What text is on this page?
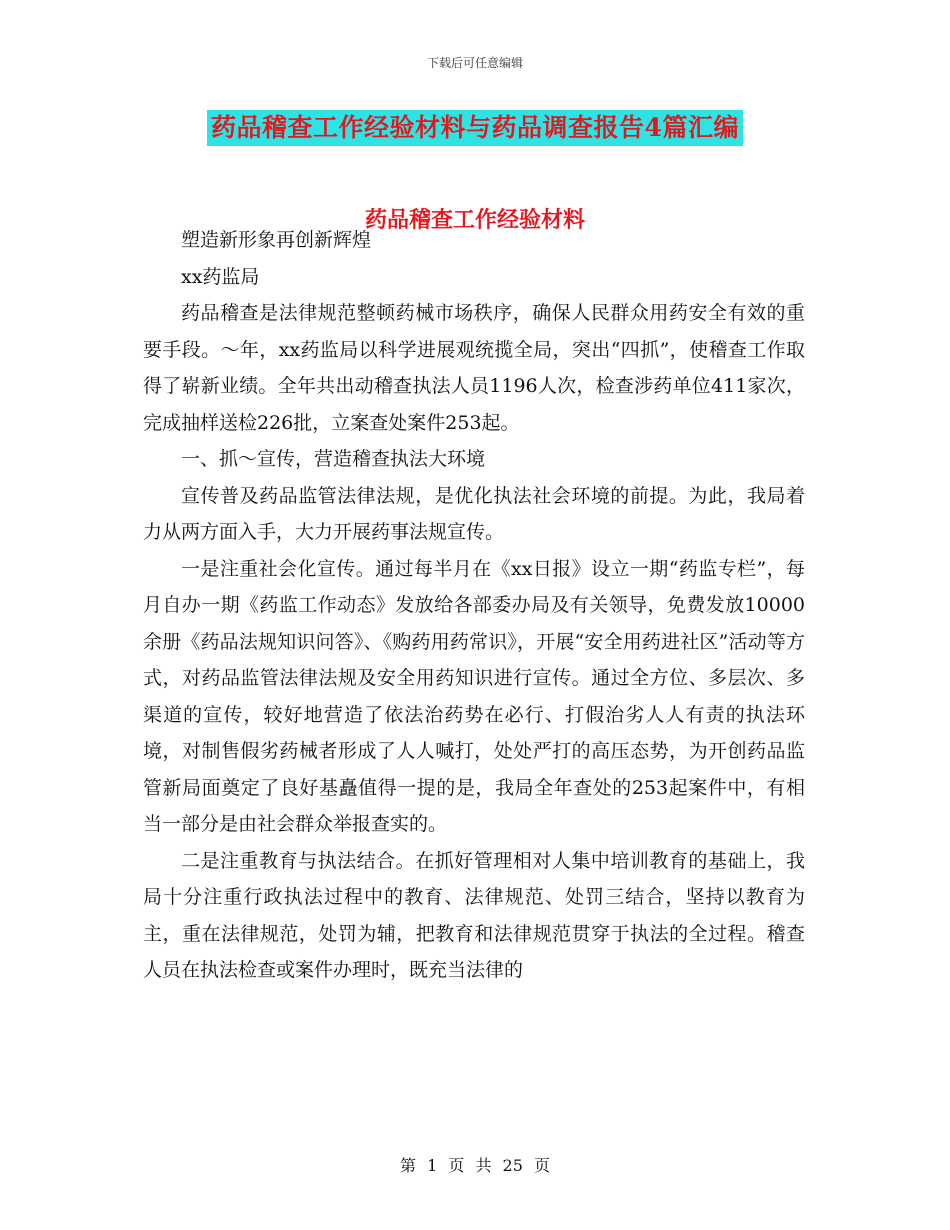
下载后可任意编辑
药品稽查工作经验材料与药品调查报告4篇汇编
药品稽查工作经验材料

塑造新形象再创新辉煌

xx药监局

药品稽查是法律规范整顿药械市场秩序，确保人民群众用药安全有效的重要手段。～年，xx药监局以科学进展观统揽全局，突出“四抓”，使稽查工作取得了崭新业绩。全年共出动稽查执法人员1196人次，检查涉药单位411家次，完成抽样送检226批，立案查处案件253起。

一、抓～宣传，营造稽查执法大环境

宣传普及药品监管法律法规，是优化执法社会环境的前提。为此，我局着力从两方面入手，大力开展药事法规宣传。

一是注重社会化宣传。通过每半月在《xx日报》设立一期“药监专栏”，每月自办一期《药监工作动态》发放给各部委办局及有关领导，免费发放10000余册《药品法规知识问答》、《购药用药常识》，开展“安全用药进社区”活动等方式，对药品监管法律法规及安全用药知识进行宣传。通过全方位、多层次、多渠道的宣传，较好地营造了依法治药势在必行、打假治劣人人有责的执法环境，对制售假劣药械者形成了人人喊打，处处严打的高压态势，为开创药品监管新局面奠定了良好基矗值得一提的是，我局全年查处的253起案件中，有相当一部分是由社会群众举报查实的。

二是注重教育与执法结合。在抓好管理相对人集中培训教育的基础上，我局十分注重行政执法过程中的教育、法律规范、处罚三结合，坚持以教育为主，重在法律规范，处罚为辅，把教育和法律规范贯穿于执法的全过程。稽查人员在执法检查或案件办理时，既充当法律的

第 1 页 共 25 页
